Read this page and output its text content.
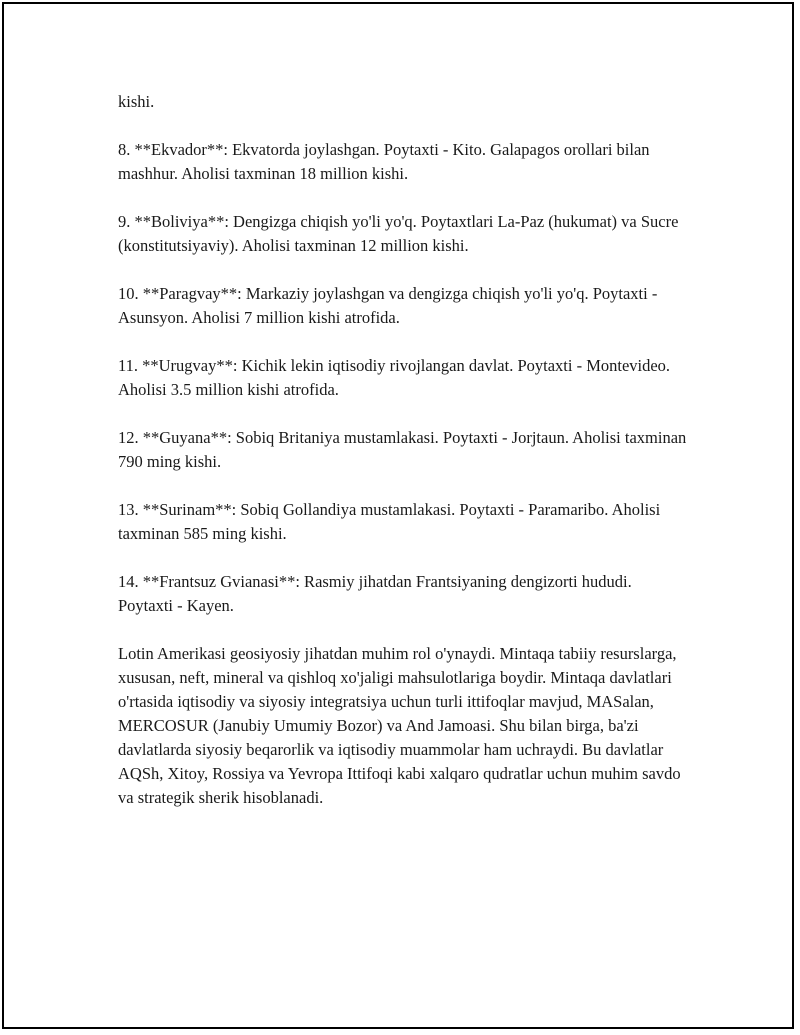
kishi.

8. **Ekvador**: Ekvatorda joylashgan. Poytaxti - Kito. Galapagos orollari bilan mashhur. Aholisi taxminan 18 million kishi.

9. **Boliviya**: Dengizga chiqish yo'li yo'q. Poytaxtlari La-Paz (hukumat) va Sucre (konstitutsiyaviy). Aholisi taxminan 12 million kishi.

10. **Paragvay**: Markaziy joylashgan va dengizga chiqish yo'li yo'q. Poytaxti - Asunsyon. Aholisi 7 million kishi atrofida.

11. **Urugvay**: Kichik lekin iqtisodiy rivojlangan davlat. Poytaxti - Montevideo. Aholisi 3.5 million kishi atrofida.

12. **Guyana**: Sobiq Britaniya mustamlakasi. Poytaxti - Jorjtaun. Aholisi taxminan 790 ming kishi.

13. **Surinam**: Sobiq Gollandiya mustamlakasi. Poytaxti - Paramaribo. Aholisi taxminan 585 ming kishi.

14. **Frantsuz Gvianasi**: Rasmiy jihatdan Frantsiyaning dengizorti hududi. Poytaxti - Kayen.

Lotin Amerikasi geosiyosiy jihatdan muhim rol o'ynaydi. Mintaqa tabiiy resurslarga, xususan, neft, mineral va qishloq xo'jaligi mahsulotlariga boydir. Mintaqa davlatlari o'rtasida iqtisodiy va siyosiy integratsiya uchun turli ittifoqlar mavjud, MASalan, MERCOSUR (Janubiy Umumiy Bozor) va And Jamoasi. Shu bilan birga, ba'zi davlatlarda siyosiy beqarorlik va iqtisodiy muammolar ham uchraydi. Bu davlatlar AQSh, Xitoy, Rossiya va Yevropa Ittifoqi kabi xalqaro qudratlar uchun muhim savdo va strategik sherik hisoblanadi.
